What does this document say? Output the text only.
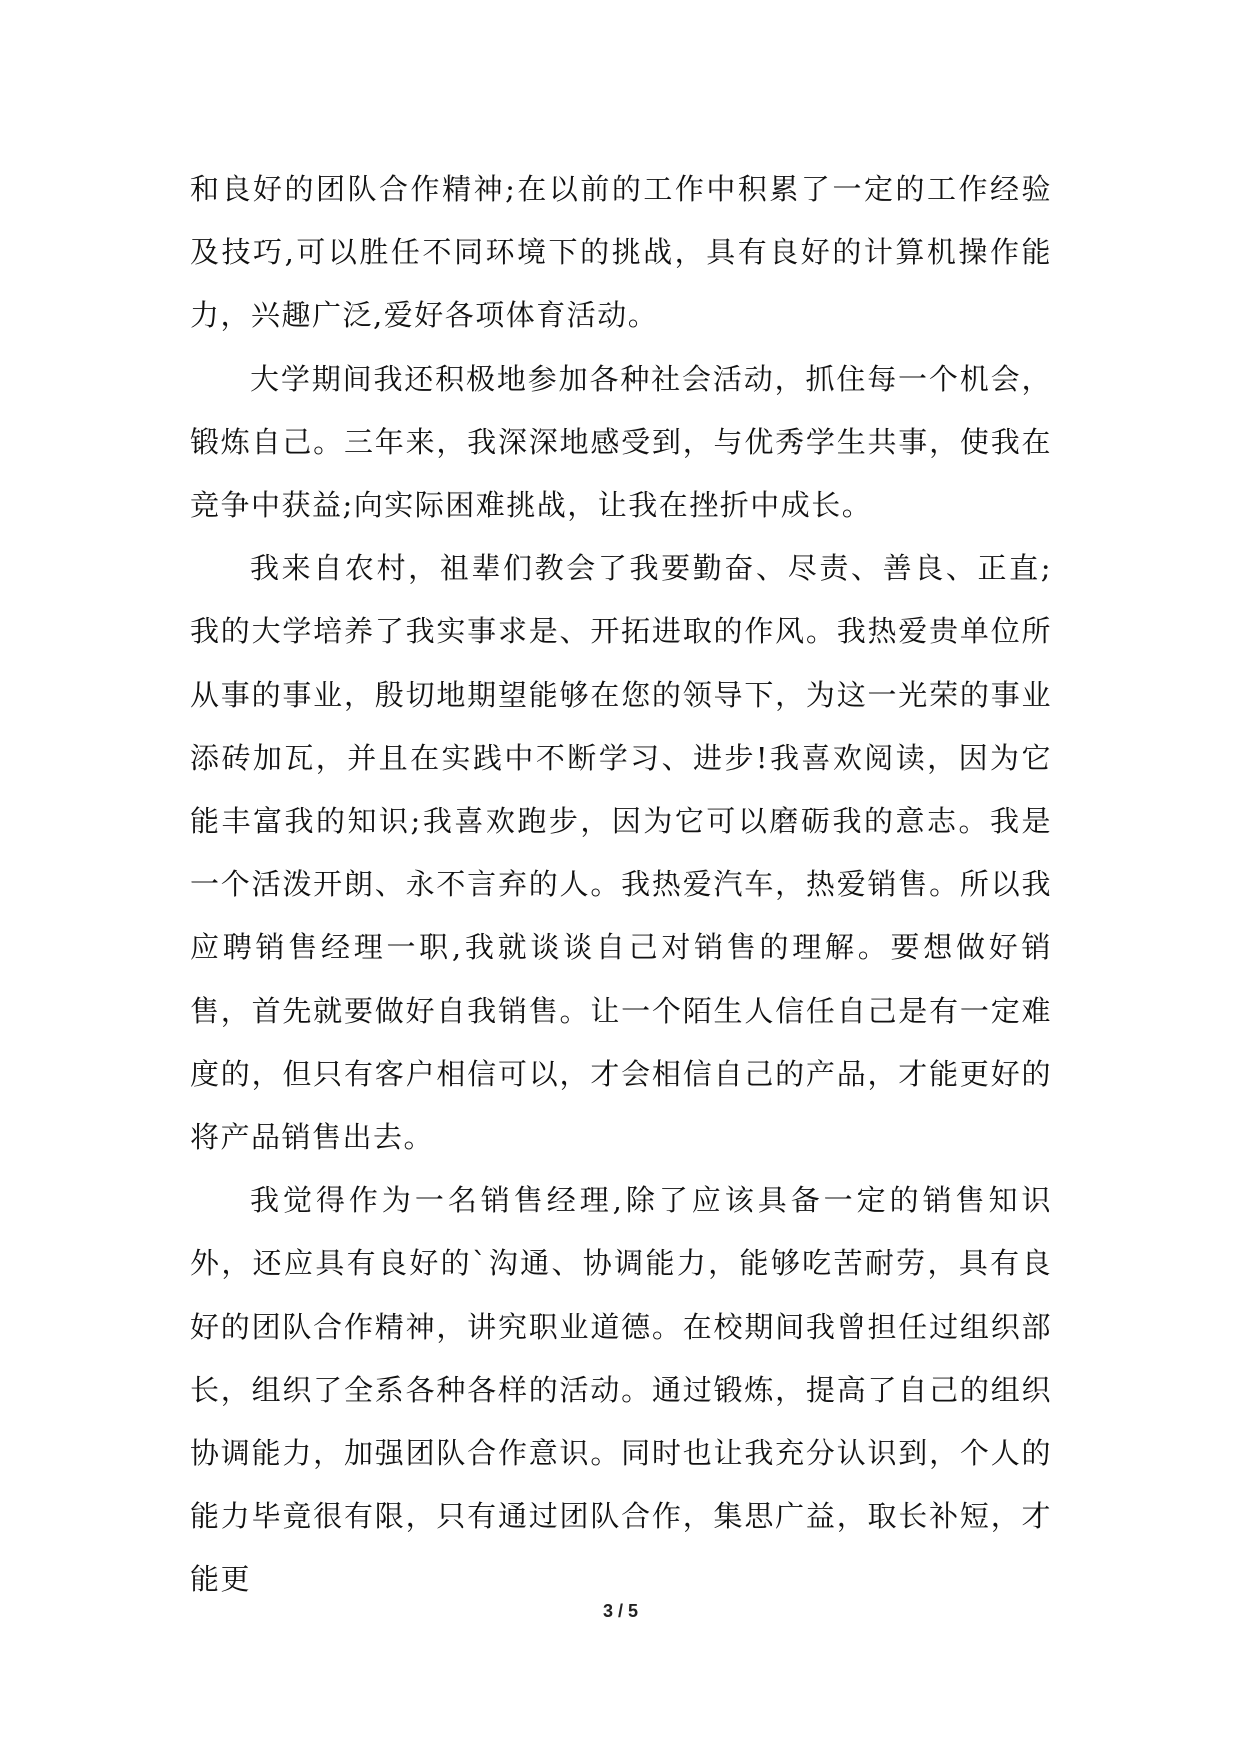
和良好的团队合作精神;在以前的工作中积累了一定的工作经验及技巧,可以胜任不同环境下的挑战，具有良好的计算机操作能力，兴趣广泛,爱好各项体育活动。

大学期间我还积极地参加各种社会活动，抓住每一个机会，锻炼自己。三年来，我深深地感受到，与优秀学生共事，使我在竞争中获益;向实际困难挑战，让我在挫折中成长。

我来自农村，祖辈们教会了我要勤奋、尽责、善良、正直;我的大学培养了我实事求是、开拓进取的作风。我热爱贵单位所从事的事业，殷切地期望能够在您的领导下，为这一光荣的事业添砖加瓦，并且在实践中不断学习、进步!我喜欢阅读，因为它能丰富我的知识;我喜欢跑步，因为它可以磨砺我的意志。我是一个活泼开朗、永不言弃的人。我热爱汽车，热爱销售。所以我应聘销售经理一职,我就谈谈自己对销售的理解。要想做好销售，首先就要做好自我销售。让一个陌生人信任自己是有一定难度的，但只有客户相信可以，才会相信自己的产品，才能更好的将产品销售出去。

我觉得作为一名销售经理,除了应该具备一定的销售知识外，还应具有良好的`沟通、协调能力，能够吃苦耐劳，具有良好的团队合作精神，讲究职业道德。在校期间我曾担任过组织部长，组织了全系各种各样的活动。通过锻炼，提高了自己的组织协调能力，加强团队合作意识。同时也让我充分认识到，个人的能力毕竟很有限，只有通过团队合作，集思广益，取长补短，才能更

3 / 5
